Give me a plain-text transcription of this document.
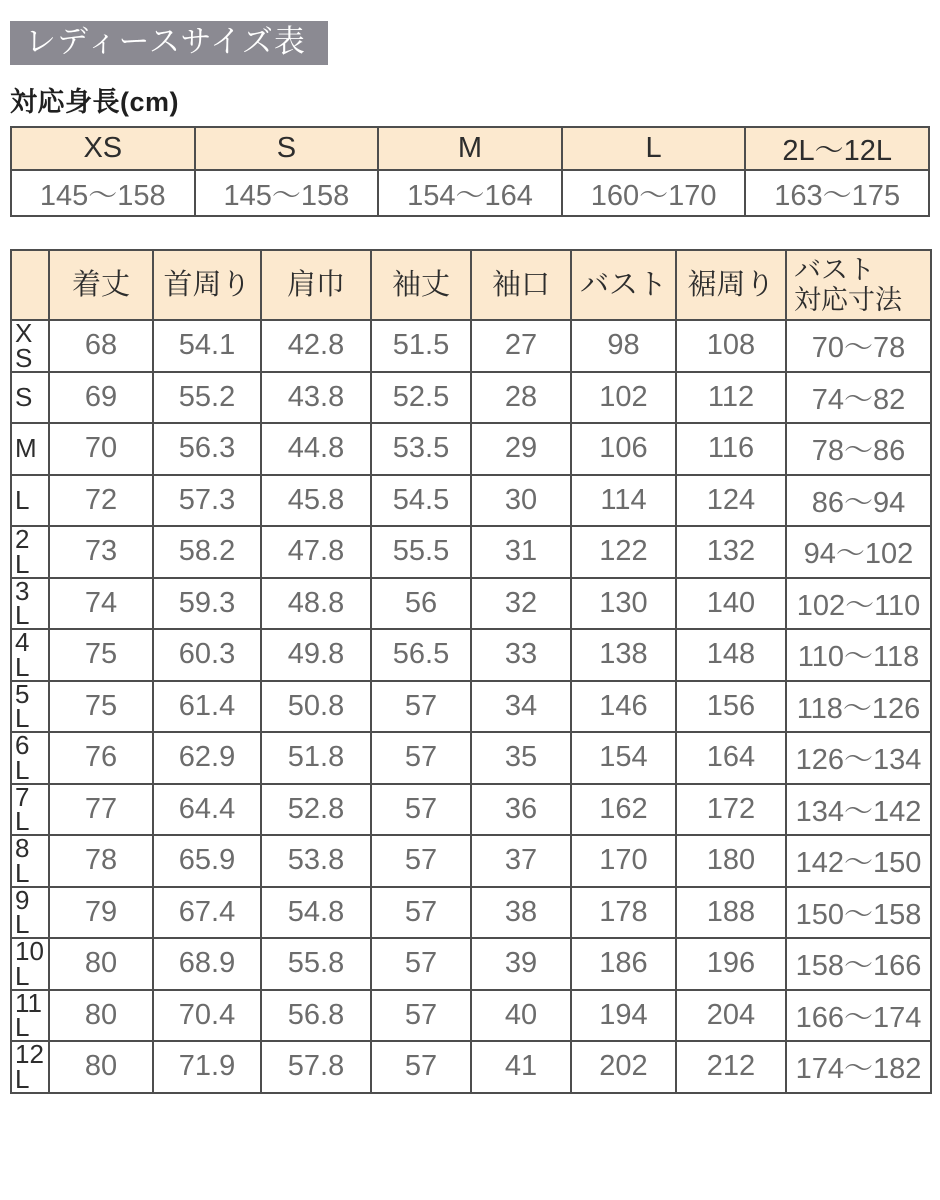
レディースサイズ表
対応身長(cm)
XS	S	M	L	2L～12L
145～158	145～158	154～164	160～170	163～175

	着丈	首周り	肩巾	袖丈	袖口	バスト	裾周り	バスト
対応寸法

X
S	68	54.1	42.8	51.5	27	98	108	70～78

S	69	55.2	43.8	52.5	28	102	112	74～82

M	70	56.3	44.8	53.5	29	106	116	78～86

L	72	57.3	45.8	54.5	30	114	124	86～94

2
L	73	58.2	47.8	55.5	31	122	132	94～102

3
L	74	59.3	48.8	56	32	130	140	102～110

4
L	75	60.3	49.8	56.5	33	138	148	110～118

5
L	75	61.4	50.8	57	34	146	156	118～126

6
L	76	62.9	51.8	57	35	154	164	126～134

7
L	77	64.4	52.8	57	36	162	172	134～142

8
L	78	65.9	53.8	57	37	170	180	142～150

9
L	79	67.4	54.8	57	38	178	188	150～158

10
L	80	68.9	55.8	57	39	186	196	158～166

11
L	80	70.4	56.8	57	40	194	204	166～174

12
L	80	71.9	57.8	57	41	202	212	174～182
